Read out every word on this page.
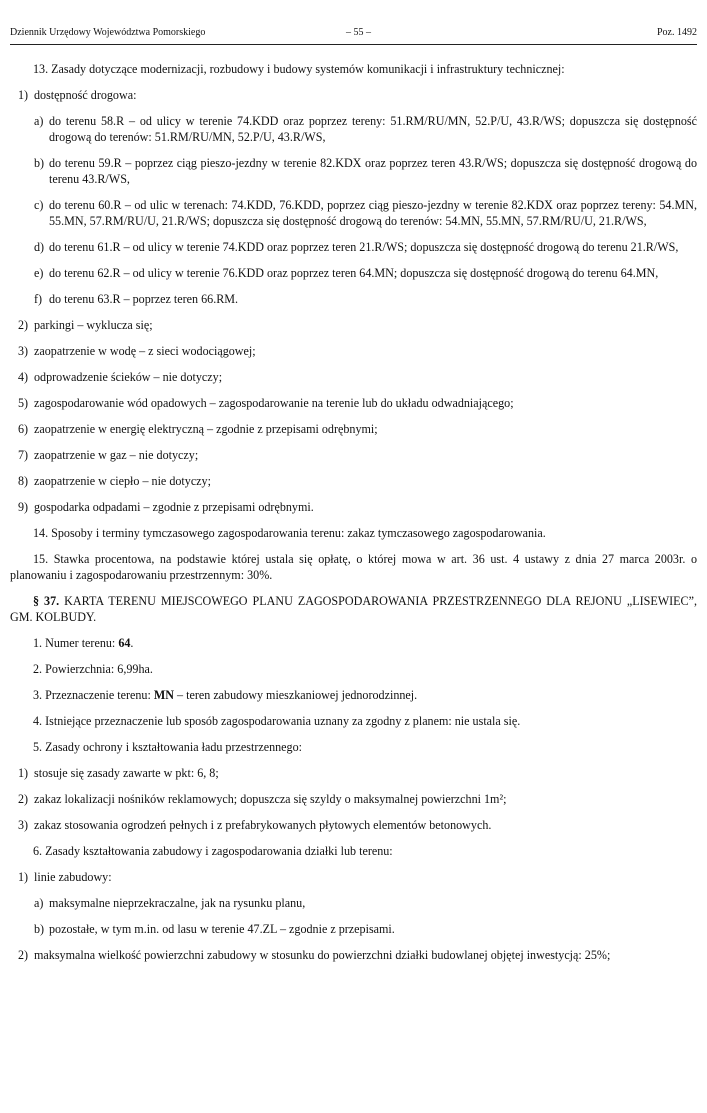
Dziennik Urzędowy Województwa Pomorskiego	– 55 –	Poz. 1492

13. Zasady dotyczące modernizacji, rozbudowy i budowy systemów komunikacji i infrastruktury technicznej:

1) dostępność drogowa:
a) do terenu 58.R – od ulicy w terenie 74.KDD oraz poprzez tereny: 51.RM/RU/MN, 52.P/U, 43.R/WS; dopuszcza się dostępność drogową do terenów: 51.RM/RU/MN, 52.P/U, 43.R/WS,
b) do terenu 59.R – poprzez ciąg pieszo-jezdny w terenie 82.KDX oraz poprzez teren 43.R/WS; dopuszcza się dostępność drogową do terenu 43.R/WS,
c) do terenu 60.R – od ulic w terenach: 74.KDD, 76.KDD, poprzez ciąg pieszo-jezdny w terenie 82.KDX oraz poprzez tereny: 54.MN, 55.MN, 57.RM/RU/U, 21.R/WS; dopuszcza się dostępność drogową do terenów: 54.MN, 55.MN, 57.RM/RU/U, 21.R/WS,
d) do terenu 61.R – od ulicy w terenie 74.KDD oraz poprzez teren 21.R/WS; dopuszcza się dostępność drogową do terenu 21.R/WS,
e) do terenu 62.R – od ulicy w terenie 76.KDD oraz poprzez teren 64.MN; dopuszcza się dostępność drogową do terenu 64.MN,
f) do terenu 63.R – poprzez teren 66.RM.
2) parkingi – wyklucza się;
3) zaopatrzenie w wodę – z sieci wodociągowej;
4) odprowadzenie ścieków – nie dotyczy;
5) zagospodarowanie wód opadowych – zagospodarowanie na terenie lub do układu odwadniającego;
6) zaopatrzenie w energię elektryczną – zgodnie z przepisami odrębnymi;
7) zaopatrzenie w gaz – nie dotyczy;
8) zaopatrzenie w ciepło – nie dotyczy;
9) gospodarka odpadami – zgodnie z przepisami odrębnymi.

14. Sposoby i terminy tymczasowego zagospodarowania terenu: zakaz tymczasowego zagospodarowania.

15. Stawka procentowa, na podstawie której ustala się opłatę, o której mowa w art. 36 ust. 4 ustawy z dnia 27 marca 2003r. o planowaniu i zagospodarowaniu przestrzennym: 30%.

§ 37. KARTA TERENU MIEJSCOWEGO PLANU ZAGOSPODAROWANIA PRZESTRZENNEGO DLA REJONU „LISEWIEC”, GM. KOLBUDY.

1. Numer terenu: 64.

2. Powierzchnia: 6,99ha.

3. Przeznaczenie terenu: MN – teren zabudowy mieszkaniowej jednorodzinnej.

4. Istniejące przeznaczenie lub sposób zagospodarowania uznany za zgodny z planem: nie ustala się.

5. Zasady ochrony i kształtowania ładu przestrzennego:

1) stosuje się zasady zawarte w pkt: 6, 8;
2) zakaz lokalizacji nośników reklamowych; dopuszcza się szyldy o maksymalnej powierzchni 1m²;
3) zakaz stosowania ogrodzeń pełnych i z prefabrykowanych płytowych elementów betonowych.

6. Zasady kształtowania zabudowy i zagospodarowania działki lub terenu:

1) linie zabudowy:
a) maksymalne nieprzekraczalne, jak na rysunku planu,
b) pozostałe, w tym m.in. od lasu w terenie 47.ZL – zgodnie z przepisami.
2) maksymalna wielkość powierzchni zabudowy w stosunku do powierzchni działki budowlanej objętej inwestycją: 25%;
